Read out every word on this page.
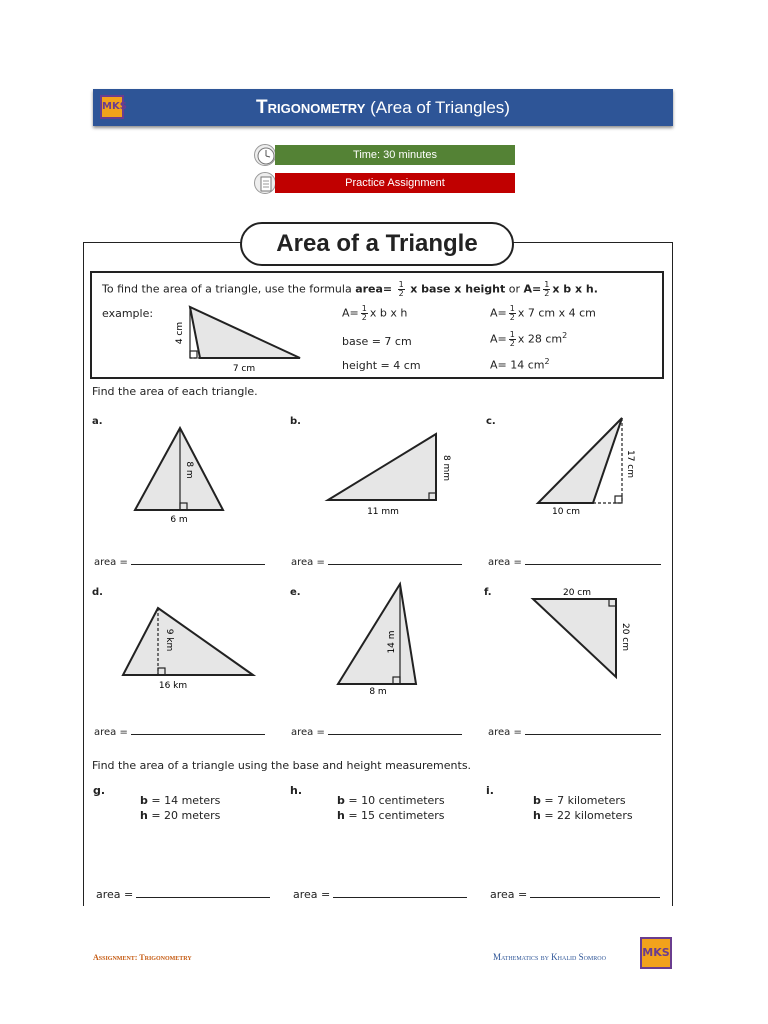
MKS	Trigonometry (Area of Triangles)
Time: 30 minutes
Practice Assignment
Area of a Triangle
To find the area of a triangle, use the formula area= $\frac{1}{2}$ x base x height or $A= \frac{1}{2}$ x b x h.
example:
4 cm
7 cm
$A= \frac{1}{2}$ x b x h
base = 7 cm
height = 4 cm
$A= \frac{1}{2}$ x 7 cm x 4 cm
$A= \frac{1}{2}$ x 28 $cm^2$
A= 14 $cm^2$
Find the area of each triangle.
a.	b.	c.
8 m
6 m
8 mm
11 mm
17 cm
10 cm
area =	area =	area =
d.	e.	f.
9 km
16 km
14 m
8 m
20 cm
20 cm
area =	area =	area =
Find the area of a triangle using the base and height measurements.
g.
b = 14 meters
h = 20 meters
h.
b = 10 centimeters
h = 15 centimeters
i.
b = 7 kilometers
h = 22 kilometers
area =	area =	area =
Assignment: Trigonometry	Mathematics by Khalid Somroo	MKS
